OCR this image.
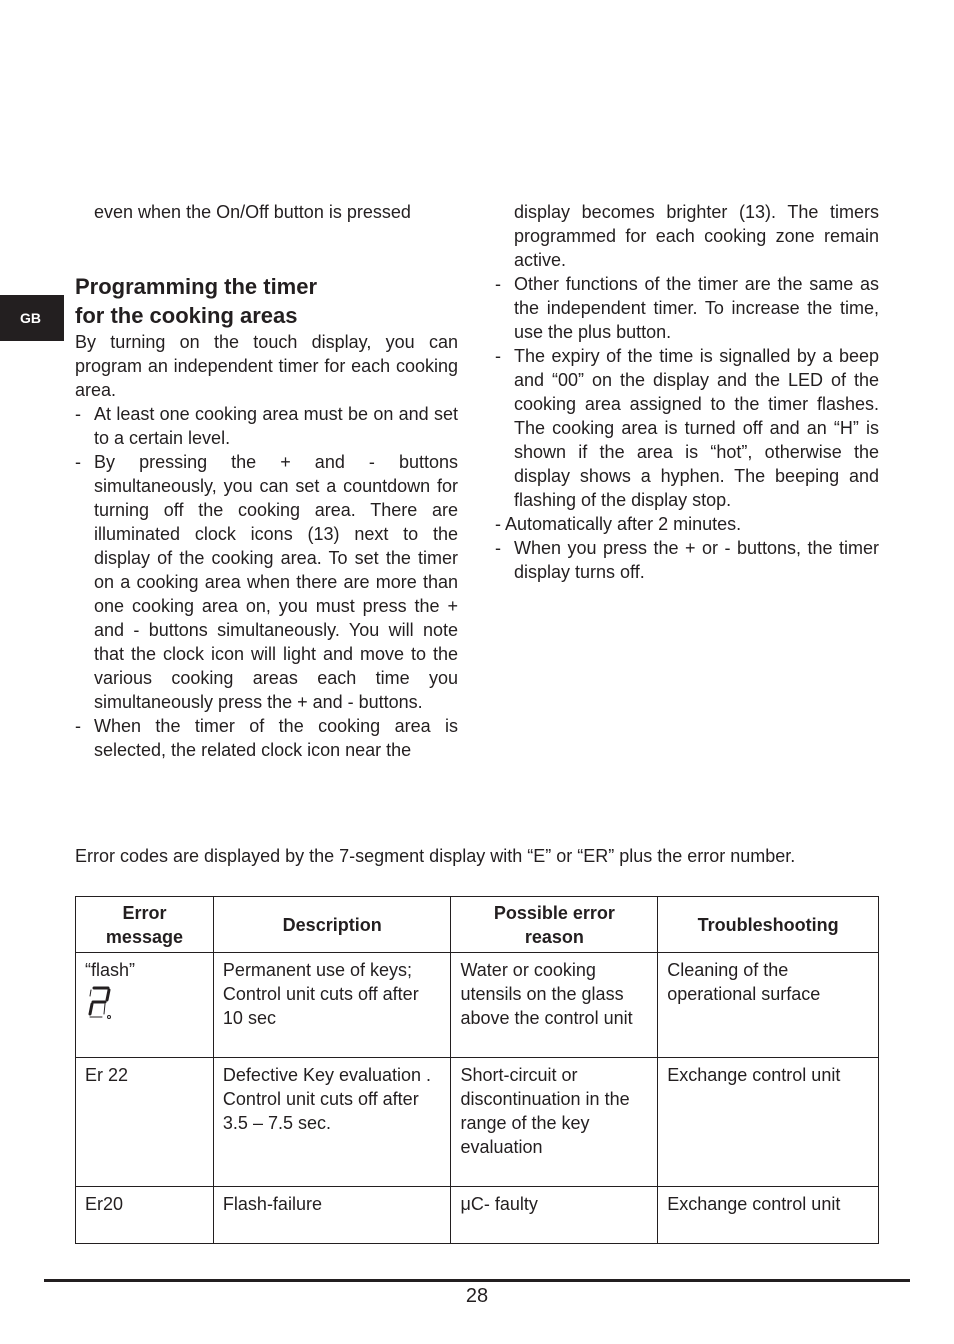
GB

even when the On/Off button is pressed

Programming the timer
for the cooking areas

By turning on the touch display, you can program an independent timer for each cooking area.

- At least one cooking area must be on and set to a certain level.
- By pressing the + and - buttons simultaneously, you can set a countdown for turning off the cooking area. There are illuminated clock icons (13) next to the display of the cooking area. To set the timer on a cooking area when there are more than one cooking area on, you must press the + and - buttons simultaneously. You will note that the clock icon will light and move to the various cooking areas each time you simultaneously press the + and - buttons.
- When the timer of the cooking area is selected, the related clock icon near the

display becomes brighter (13). The timers programmed for each cooking zone remain active.

- Other functions of the timer are the same as the independent timer. To increase the time, use the plus button.
- The expiry of the time is signalled by a beep and “00” on the display and the LED of the cooking area assigned to the timer flashes. The cooking area is turned off and an “H” is shown if the area is “hot”, otherwise the display shows a hyphen. The beeping and flashing of the display stop.

- Automatically after 2 minutes.

- When you press the + or - buttons, the timer display turns off.
Error codes are displayed by the 7-segment display with “E” or “ER” plus the error number.
Error message	Description	Possible error reason	Troubleshooting
“flash”	Permanent use of keys; Control unit cuts off after 10 sec	Water or cooking utensils on the glass above the control unit	Cleaning of the operational surface
Er 22	Defective Key evaluation . Control unit cuts off after 3.5 – 7.5 sec.	Short-circuit or discontinuation in the range of the key evaluation	Exchange control unit
Er20	Flash-failure	μC- faulty	Exchange control unit
28
